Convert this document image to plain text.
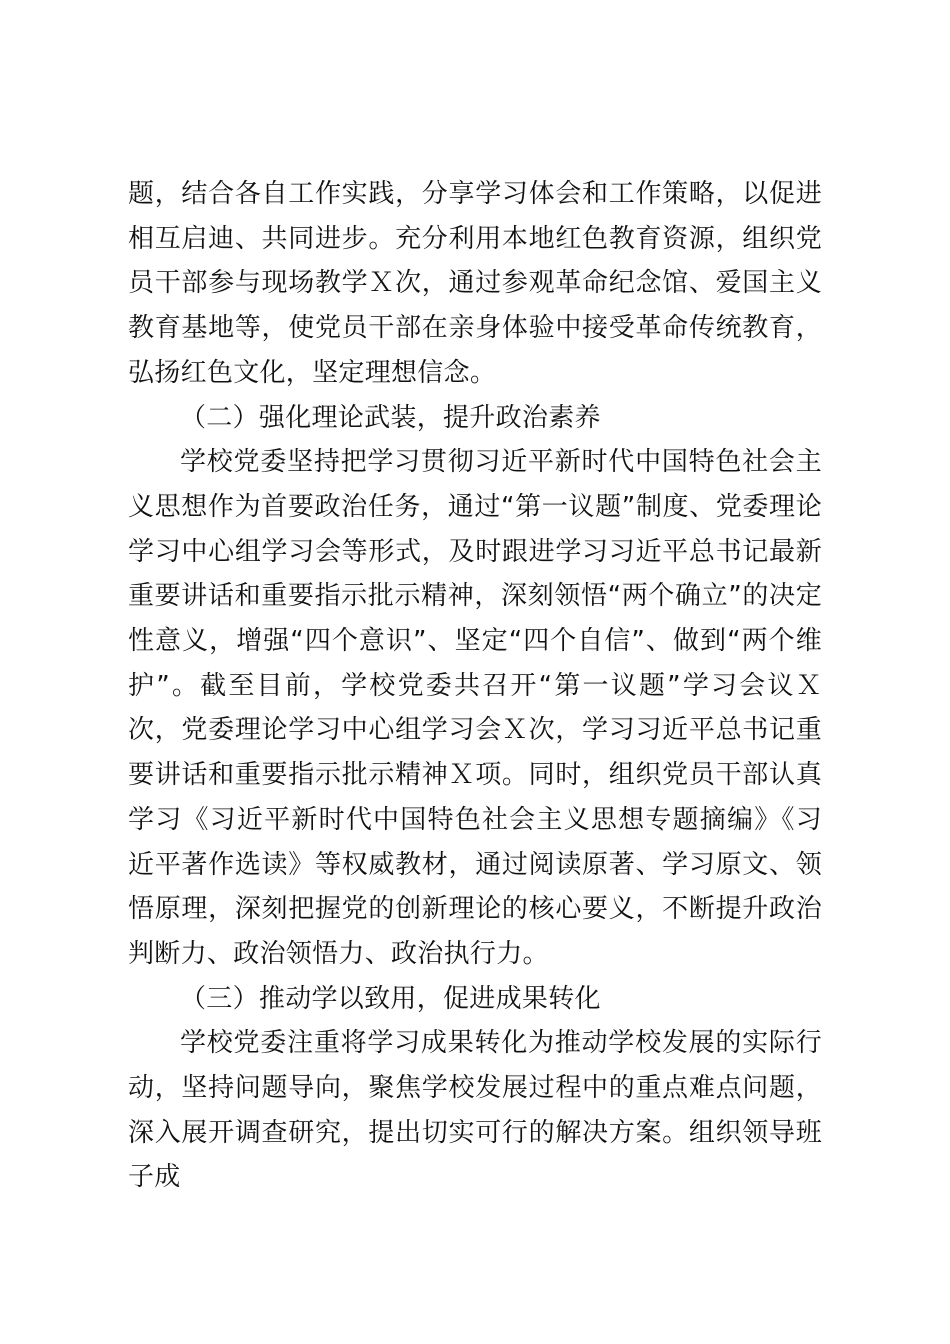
题，结合各自工作实践，分享学习体会和工作策略，以促进相互启迪、共同进步。充分利用本地红色教育资源，组织党员干部参与现场教学Ｘ次，通过参观革命纪念馆、爱国主义教育基地等，使党员干部在亲身体验中接受革命传统教育，弘扬红色文化，坚定理想信念。

（二）强化理论武装，提升政治素养

学校党委坚持把学习贯彻习近平新时代中国特色社会主义思想作为首要政治任务，通过“第一议题”制度、党委理论学习中心组学习会等形式，及时跟进学习习近平总书记最新重要讲话和重要指示批示精神，深刻领悟“两个确立”的决定性意义，增强“四个意识”、坚定“四个自信”、做到“两个维护”。截至目前，学校党委共召开“第一议题”学习会议Ｘ次，党委理论学习中心组学习会Ｘ次，学习习近平总书记重要讲话和重要指示批示精神Ｘ项。同时，组织党员干部认真学习《习近平新时代中国特色社会主义思想专题摘编》《习近平著作选读》等权威教材，通过阅读原著、学习原文、领悟原理，深刻把握党的创新理论的核心要义，不断提升政治判断力、政治领悟力、政治执行力。

（三）推动学以致用，促进成果转化

学校党委注重将学习成果转化为推动学校发展的实际行动，坚持问题导向，聚焦学校发展过程中的重点难点问题，深入展开调查研究，提出切实可行的解决方案。组织领导班子成
